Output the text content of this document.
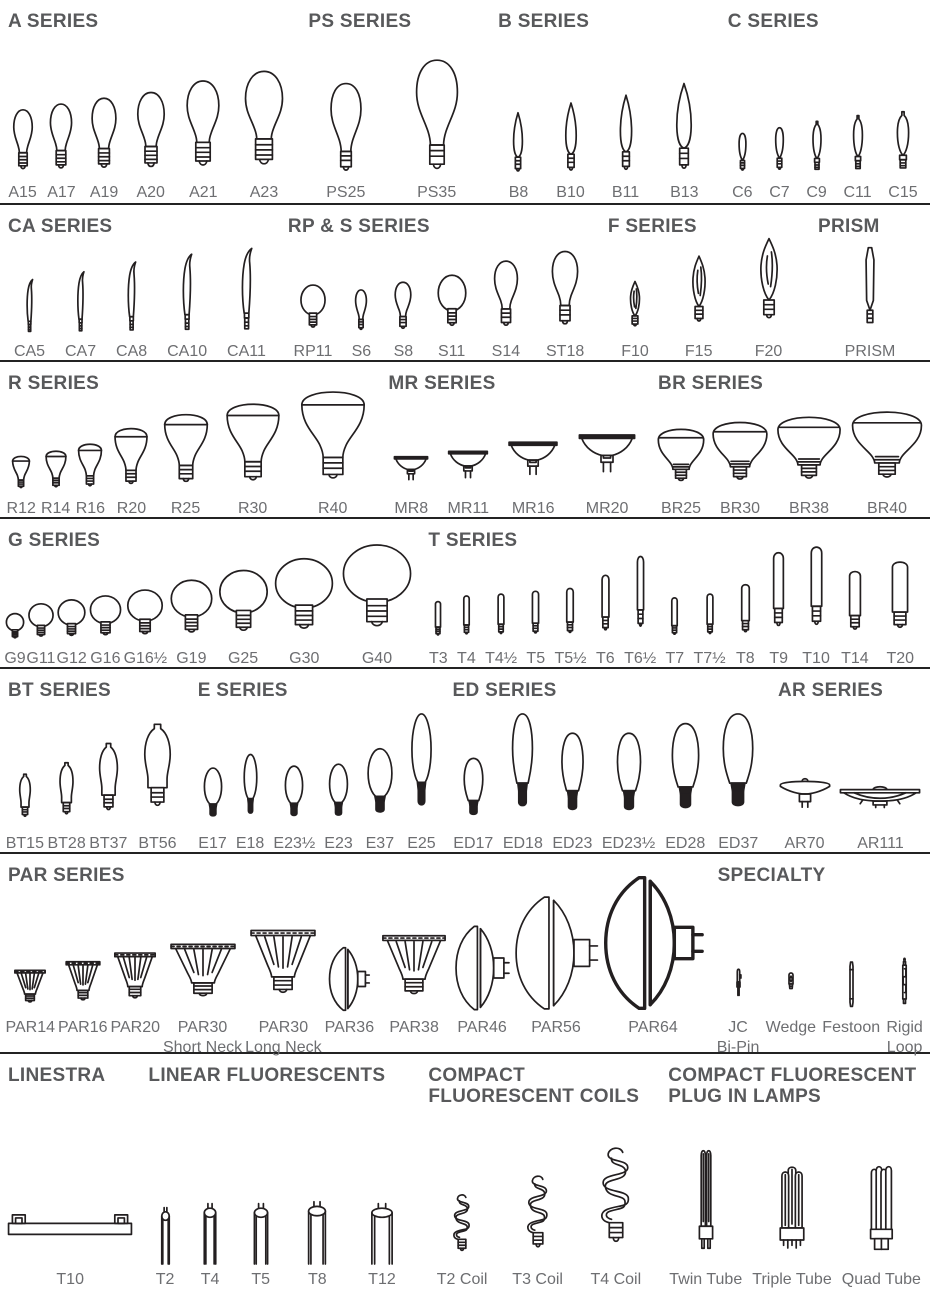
A SERIES
A15 A17 A19 A20 A21 A23
PS SERIES
PS25	PS35
B SERIES
B8 B10 B11 B13
C SERIES
C6 C7 C9 C11 C15
CA SERIES
CA5 CA7 CA8 CA10 CA11
RP & S SERIES
RP11 S6 S8 S11 S14 ST18
F SERIES
F10 F15	F20
PRISM
PRISM
R SERIES
R12 R14 R16 R20 R25 R30	R40
MR SERIES
MR8 MR11 MR16 MR20
BR SERIES
BR25 BR30 BR38 BR40
G SERIES
G9 G11 G12 G16 G16½ G19 G25 G30	G40
T SERIES
T3 T4 T4½ T5 T5½ T6 T6½ T7 T7½ T8 T9 T10 T14 T20
BT SERIES
BT15 BT28 BT37 BT56
E SERIES
E17 E18 E23½ E23 E37 E25
ED SERIES
ED17 ED18 ED23 ED23½ ED28 ED37
AR SERIES
AR70 AR111
PAR SERIES
PAR14 PAR16 PAR20	PAR30
Short Neck
PAR30
Long Neck
PAR36 PAR38 PAR46 PAR56	PAR64
SPECIALTY
JC
Bi-Pin
Wedge Festoon Rigid
Loop
LINESTRA
T10
LINEAR FLUORESCENTS
T2 T4 T5 T8	T12
COMPACT FLUORESCENT COILS
T2 Coil T3 Coil T4 Coil
COMPACT FLUORESCENT PLUG IN LAMPS
Twin Tube Triple Tube Quad Tube
